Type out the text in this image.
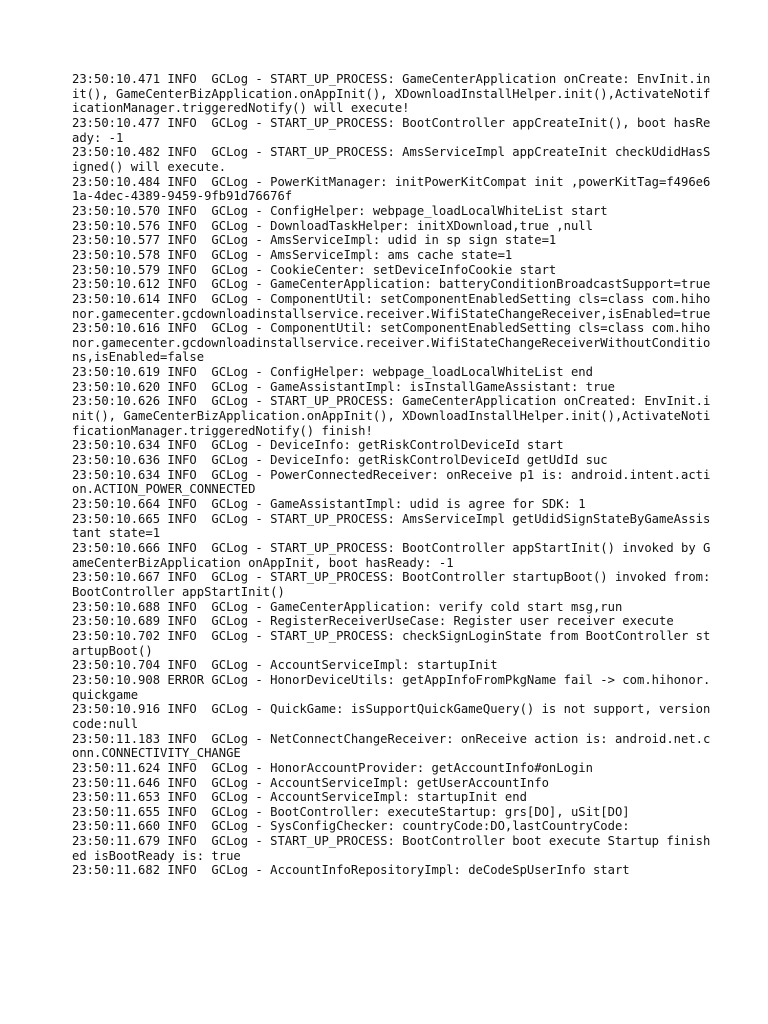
23:50:10.471 INFO  GCLog - START_UP_PROCESS: GameCenterApplication onCreate: EnvInit.init(), GameCenterBizApplication.onAppInit(), XDownloadInstallHelper.init(),ActivateNotificationManager.triggeredNotify() will execute!

23:50:10.477 INFO  GCLog - START_UP_PROCESS: BootController appCreateInit(), boot hasReady: -1

23:50:10.482 INFO  GCLog - START_UP_PROCESS: AmsServiceImpl appCreateInit checkUdidHasSigned() will execute.

23:50:10.484 INFO  GCLog - PowerKitManager: initPowerKitCompat init ,powerKitTag=f496e61a-4dec-4389-9459-9fb91d76676f

23:50:10.570 INFO  GCLog - ConfigHelper: webpage_loadLocalWhiteList start

23:50:10.576 INFO  GCLog - DownloadTaskHelper: initXDownload,true ,null

23:50:10.577 INFO  GCLog - AmsServiceImpl: udid in sp sign state=1

23:50:10.578 INFO  GCLog - AmsServiceImpl: ams cache state=1

23:50:10.579 INFO  GCLog - CookieCenter: setDeviceInfoCookie start

23:50:10.612 INFO  GCLog - GameCenterApplication: batteryConditionBroadcastSupport=true

23:50:10.614 INFO  GCLog - ComponentUtil: setComponentEnabledSetting cls=class com.hihonor.gamecenter.gcdownloadinstallservice.receiver.WifiStateChangeReceiver,isEnabled=true

23:50:10.616 INFO  GCLog - ComponentUtil: setComponentEnabledSetting cls=class com.hihonor.gamecenter.gcdownloadinstallservice.receiver.WifiStateChangeReceiverWithoutConditions,isEnabled=false

23:50:10.619 INFO  GCLog - ConfigHelper: webpage_loadLocalWhiteList end

23:50:10.620 INFO  GCLog - GameAssistantImpl: isInstallGameAssistant: true

23:50:10.626 INFO  GCLog - START_UP_PROCESS: GameCenterApplication onCreated: EnvInit.init(), GameCenterBizApplication.onAppInit(), XDownloadInstallHelper.init(),ActivateNotificationManager.triggeredNotify() finish!

23:50:10.634 INFO  GCLog - DeviceInfo: getRiskControlDeviceId start

23:50:10.636 INFO  GCLog - DeviceInfo: getRiskControlDeviceId getUdId suc

23:50:10.634 INFO  GCLog - PowerConnectedReceiver: onReceive p1 is: android.intent.action.ACTION_POWER_CONNECTED

23:50:10.664 INFO  GCLog - GameAssistantImpl: udid is agree for SDK: 1

23:50:10.665 INFO  GCLog - START_UP_PROCESS: AmsServiceImpl getUdidSignStateByGameAssistant state=1

23:50:10.666 INFO  GCLog - START_UP_PROCESS: BootController appStartInit() invoked by GameCenterBizApplication onAppInit, boot hasReady: -1

23:50:10.667 INFO  GCLog - START_UP_PROCESS: BootController startupBoot() invoked from: BootController appStartInit()

23:50:10.688 INFO  GCLog - GameCenterApplication: verify cold start msg,run

23:50:10.689 INFO  GCLog - RegisterReceiverUseCase: Register user receiver execute

23:50:10.702 INFO  GCLog - START_UP_PROCESS: checkSignLoginState from BootController startupBoot()

23:50:10.704 INFO  GCLog - AccountServiceImpl: startupInit

23:50:10.908 ERROR GCLog - HonorDeviceUtils: getAppInfoFromPkgName fail -> com.hihonor.quickgame

23:50:10.916 INFO  GCLog - QuickGame: isSupportQuickGameQuery() is not support, versioncode:null

23:50:11.183 INFO  GCLog - NetConnectChangeReceiver: onReceive action is: android.net.conn.CONNECTIVITY_CHANGE

23:50:11.624 INFO  GCLog - HonorAccountProvider: getAccountInfo#onLogin

23:50:11.646 INFO  GCLog - AccountServiceImpl: getUserAccountInfo

23:50:11.653 INFO  GCLog - AccountServiceImpl: startupInit end

23:50:11.655 INFO  GCLog - BootController: executeStartup: grs[DO], uSit[DO]

23:50:11.660 INFO  GCLog - SysConfigChecker: countryCode:DO,lastCountryCode:

23:50:11.679 INFO  GCLog - START_UP_PROCESS: BootController boot execute Startup finished isBootReady is: true

23:50:11.682 INFO  GCLog - AccountInfoRepositoryImpl: deCodeSpUserInfo start
